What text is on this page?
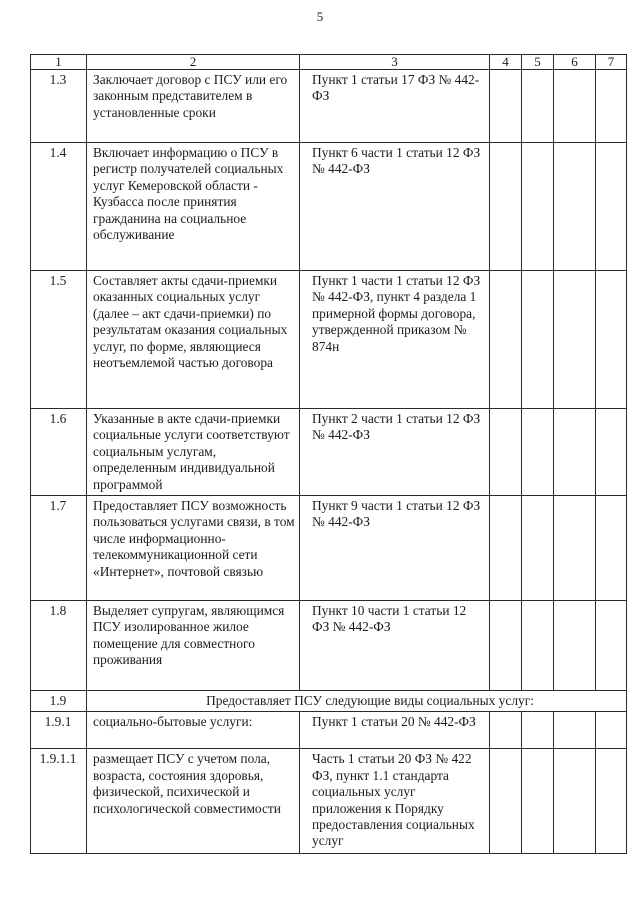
5
1	2	3	4	5	6	7
1.3	Заключает договор с ПСУ или его законным представителем в установленные сроки	Пункт 1 статьи 17 ФЗ № 442-ФЗ				
1.4	Включает информацию о ПСУ в регистр получателей социальных услуг Кемеровской области - Кузбасса после принятия гражданина на социальное обслуживание	Пункт 6 части 1 статьи 12 ФЗ № 442-ФЗ				
1.5	Составляет акты сдачи-приемки оказанных социальных услуг (далее – акт сдачи-приемки) по результатам оказания социальных услуг, по форме, являющиеся неотъемлемой частью договора	Пункт 1 части 1 статьи 12 ФЗ № 442-ФЗ, пункт 4 раздела 1 примерной формы договора, утвержденной приказом № 874н				
1.6	Указанные в акте сдачи-приемки социальные услуги соответствуют социальным услугам, определенным индивидуальной программой	Пункт 2 части 1 статьи 12 ФЗ № 442-ФЗ				
1.7	Предоставляет ПСУ возможность пользоваться услугами связи, в том числе информационно-телекоммуникационной сети «Интернет», почтовой связью	Пункт 9 части 1 статьи 12 ФЗ № 442-ФЗ				
1.8	Выделяет супругам, являющимся ПСУ изолированное жилое помещение для совместного проживания	Пункт 10 части 1 статьи 12 ФЗ № 442-ФЗ				
1.9	Предоставляет ПСУ следующие виды социальных услуг:					
1.9.1	социально-бытовые услуги:	Пункт 1 статьи 20 № 442-ФЗ				
1.9.1.1	размещает ПСУ с учетом пола, возраста, состояния здоровья, физической, психической и психологической совместимости	Часть 1 статьи 20 ФЗ № 422 ФЗ, пункт 1.1 стандарта социальных услуг приложения к Порядку предоставления социальных услуг				
